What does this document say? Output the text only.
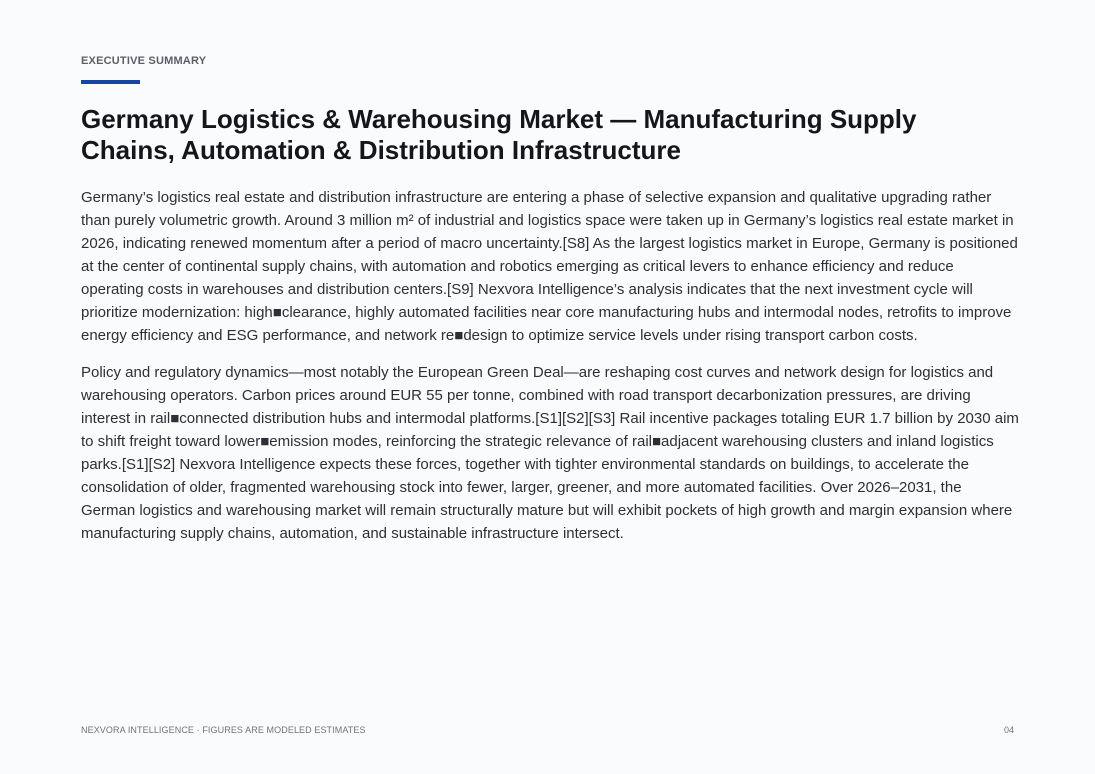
EXECUTIVE SUMMARY
Germany Logistics & Warehousing Market — Manufacturing Supply Chains, Automation & Distribution Infrastructure

Germany’s logistics real estate and distribution infrastructure are entering a phase of selective expansion and qualitative upgrading rather than purely volumetric growth. Around 3 million m² of industrial and logistics space were taken up in Germany’s logistics real estate market in 2026, indicating renewed momentum after a period of macro uncertainty.[S8] As the largest logistics market in Europe, Germany is positioned at the center of continental supply chains, with automation and robotics emerging as critical levers to enhance efficiency and reduce operating costs in warehouses and distribution centers.[S9] Nexvora Intelligence’s analysis indicates that the next investment cycle will prioritize modernization: high■clearance, highly automated facilities near core manufacturing hubs and intermodal nodes, retrofits to improve energy efficiency and ESG performance, and network re■design to optimize service levels under rising transport carbon costs.

Policy and regulatory dynamics—most notably the European Green Deal—are reshaping cost curves and network design for logistics and warehousing operators. Carbon prices around EUR 55 per tonne, combined with road transport decarbonization pressures, are driving interest in rail■connected distribution hubs and intermodal platforms.[S1][S2][S3] Rail incentive packages totaling EUR 1.7 billion by 2030 aim to shift freight toward lower■emission modes, reinforcing the strategic relevance of rail■adjacent warehousing clusters and inland logistics parks.[S1][S2] Nexvora Intelligence expects these forces, together with tighter environmental standards on buildings, to accelerate the consolidation of older, fragmented warehousing stock into fewer, larger, greener, and more automated facilities. Over 2026–2031, the German logistics and warehousing market will remain structurally mature but will exhibit pockets of high growth and margin expansion where manufacturing supply chains, automation, and sustainable infrastructure intersect.

NEXVORA INTELLIGENCE · FIGURES ARE MODELED ESTIMATES	04
